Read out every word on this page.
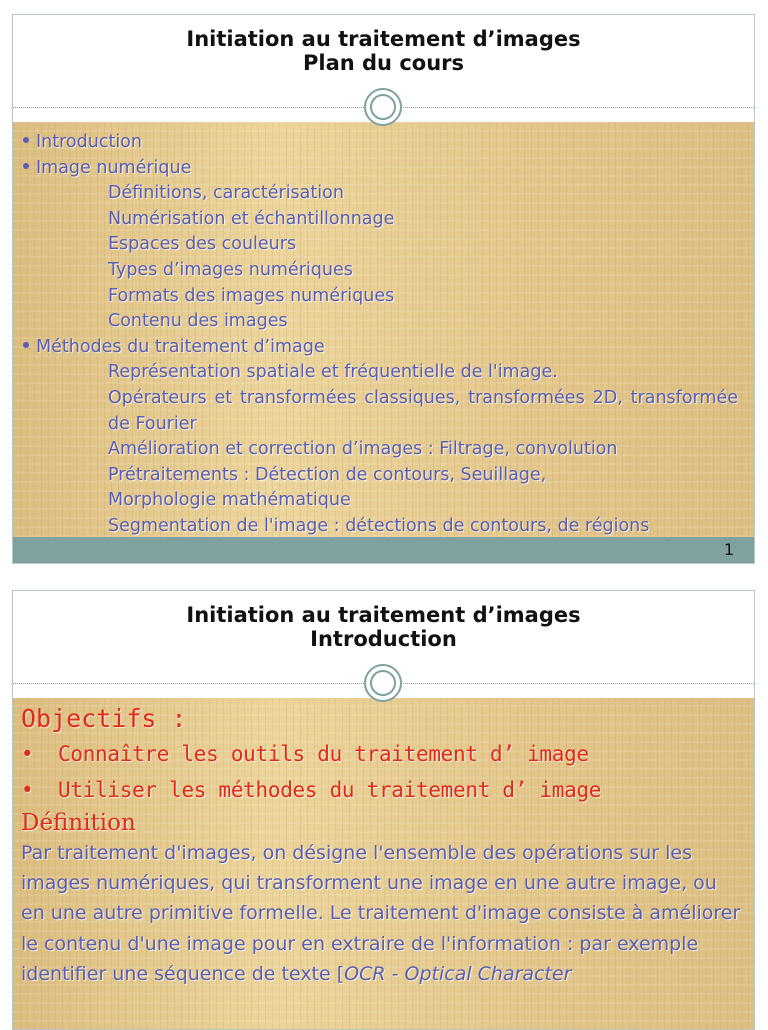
Initiation au traitement d’images
Plan du cours
Introduction
Image numérique
Définitions, caractérisation
Numérisation et échantillonnage
Espaces des couleurs
Types d’images numériques
Formats des images numériques
Contenu des images
Méthodes du traitement d’image
Représentation spatiale et fréquentielle de l'image.
Opérateurs et transformées classiques, transformées 2D, transformée de Fourier
Amélioration et correction d’images : Filtrage, convolution
Prétraitements : Détection de contours, Seuillage,
Morphologie mathématique
Segmentation de l'image : détections de contours, de régions
1
Initiation au traitement d’images
Introduction
Objectifs :
•  Connaître les outils du traitement d’ image
•  Utiliser les méthodes du traitement d’ image
Définition

Par traitement d'images, on désigne l'ensemble des opérations sur les images numériques, qui transforment une image en une autre image, ou en une autre primitive formelle. Le traitement d'image consiste à améliorer le contenu d'une image pour en extraire de l'information : par exemple identifier une séquence de texte [OCR - Optical Character
